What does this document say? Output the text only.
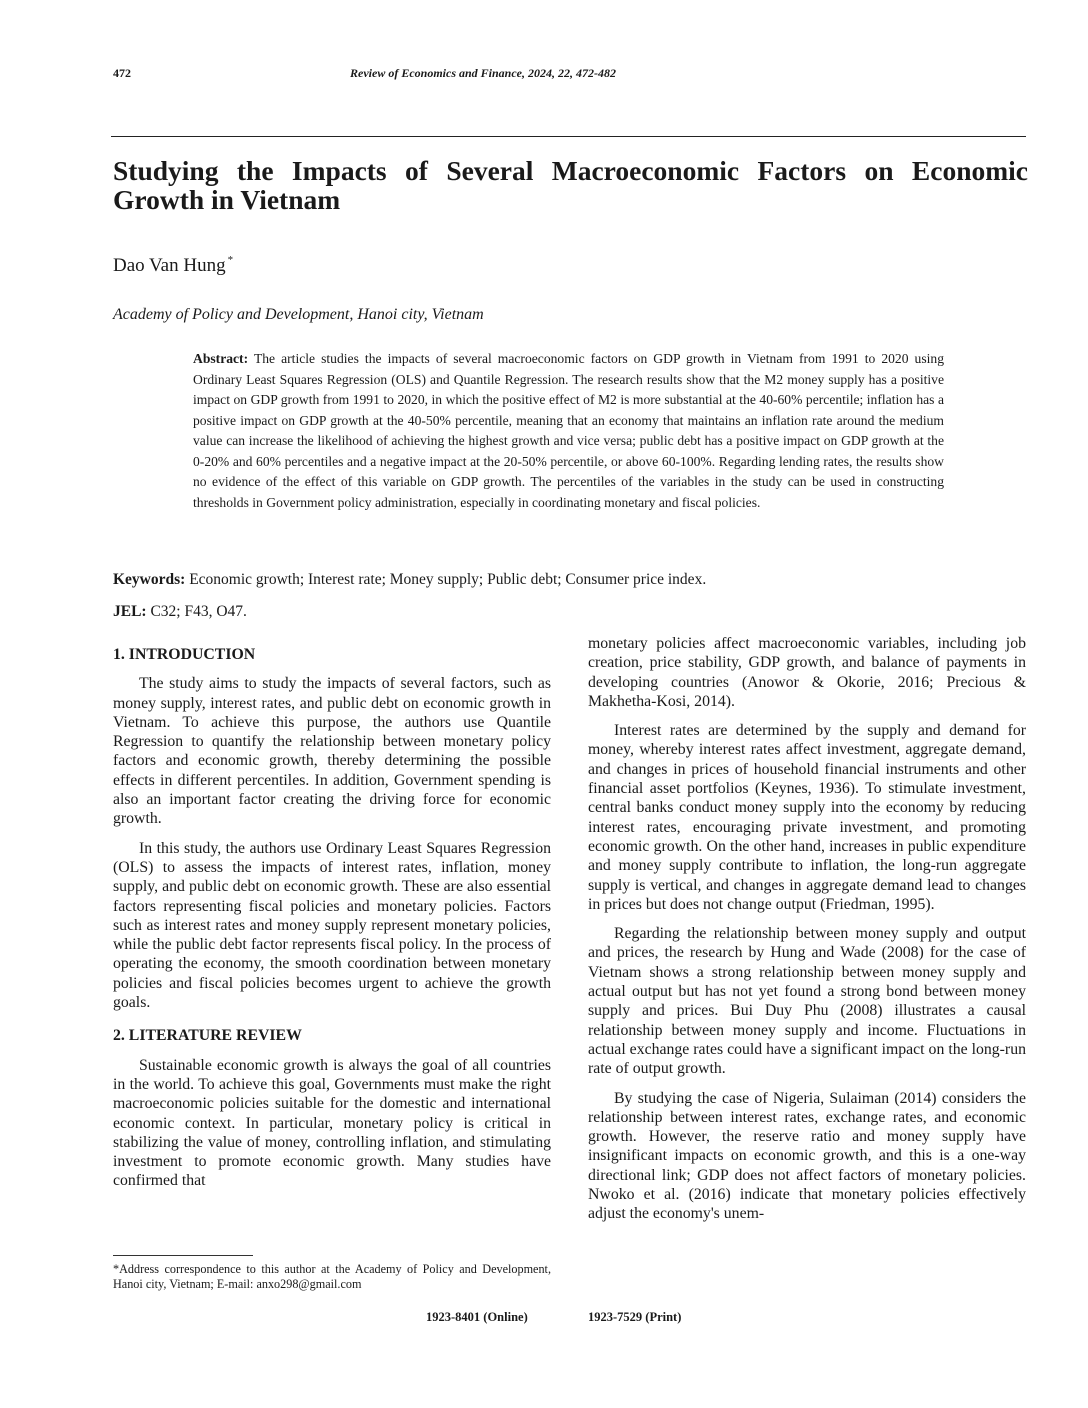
472	Review of Economics and Finance, 2024, 22, 472-482
Studying the Impacts of Several Macroeconomic Factors on Economic Growth in Vietnam
Dao Van Hung *
Academy of Policy and Development, Hanoi city, Vietnam

Abstract: The article studies the impacts of several macroeconomic factors on GDP growth in Vietnam from 1991 to 2020 using Ordinary Least Squares Regression (OLS) and Quantile Regression. The research results show that the M2 money supply has a positive impact on GDP growth from 1991 to 2020, in which the positive effect of M2 is more substantial at the 40-60% percentile; inflation has a positive impact on GDP growth at the 40-50% percentile, meaning that an economy that maintains an inflation rate around the medium value can increase the likelihood of achieving the highest growth and vice versa; public debt has a positive impact on GDP growth at the 0-20% and 60% percentiles and a negative impact at the 20-50% percentile, or above 60-100%. Regarding lending rates, the results show no evidence of the effect of this variable on GDP growth. The percentiles of the variables in the study can be used in constructing thresholds in Government policy administration, especially in coordinating monetary and fiscal policies.

Keywords: Economic growth; Interest rate; Money supply; Public debt; Consumer price index.
JEL: C32; F43, O47.
1. INTRODUCTION

The study aims to study the impacts of several factors, such as money supply, interest rates, and public debt on economic growth in Vietnam. To achieve this purpose, the authors use Quantile Regression to quantify the relationship between monetary policy factors and economic growth, thereby determining the possible effects in different percentiles. In addition, Government spending is also an important factor creating the driving force for economic growth.

In this study, the authors use Ordinary Least Squares Regression (OLS) to assess the impacts of interest rates, inflation, money supply, and public debt on economic growth. These are also essential factors representing fiscal policies and monetary policies. Factors such as interest rates and money supply represent monetary policies, while the public debt factor represents fiscal policy. In the process of operating the economy, the smooth coordination between monetary policies and fiscal policies becomes urgent to achieve the growth goals.

2. LITERATURE REVIEW

Sustainable economic growth is always the goal of all countries in the world. To achieve this goal, Governments must make the right macroeconomic policies suitable for the domestic and international economic context. In particular, monetary policy is critical in stabilizing the value of money, controlling inflation, and stimulating investment to promote economic growth. Many studies have confirmed that

monetary policies affect macroeconomic variables, including job creation, price stability, GDP growth, and balance of payments in developing countries (Anowor & Okorie, 2016; Precious & Makhetha-Kosi, 2014).

Interest rates are determined by the supply and demand for money, whereby interest rates affect investment, aggregate demand, and changes in prices of household financial instruments and other financial asset portfolios (Keynes, 1936). To stimulate investment, central banks conduct money supply into the economy by reducing interest rates, encouraging private investment, and promoting economic growth. On the other hand, increases in public expenditure and money supply contribute to inflation, the long-run aggregate supply is vertical, and changes in aggregate demand lead to changes in prices but does not change output (Friedman, 1995).

Regarding the relationship between money supply and output and prices, the research by Hung and Wade (2008) for the case of Vietnam shows a strong relationship between money supply and actual output but has not yet found a strong bond between money supply and prices. Bui Duy Phu (2008) illustrates a causal relationship between money supply and income. Fluctuations in actual exchange rates could have a significant impact on the long-run rate of output growth.

By studying the case of Nigeria, Sulaiman (2014) considers the relationship between interest rates, exchange rates, and economic growth. However, the reserve ratio and money supply have insignificant impacts on economic growth, and this is a one-way directional link; GDP does not affect factors of monetary policies. Nwoko et al. (2016) indicate that monetary policies effectively adjust the economy's unem-

*Address correspondence to this author at the Academy of Policy and Development, Hanoi city, Vietnam; E-mail: anxo298@gmail.com

1923-8401 (Online)	1923-7529 (Print)
